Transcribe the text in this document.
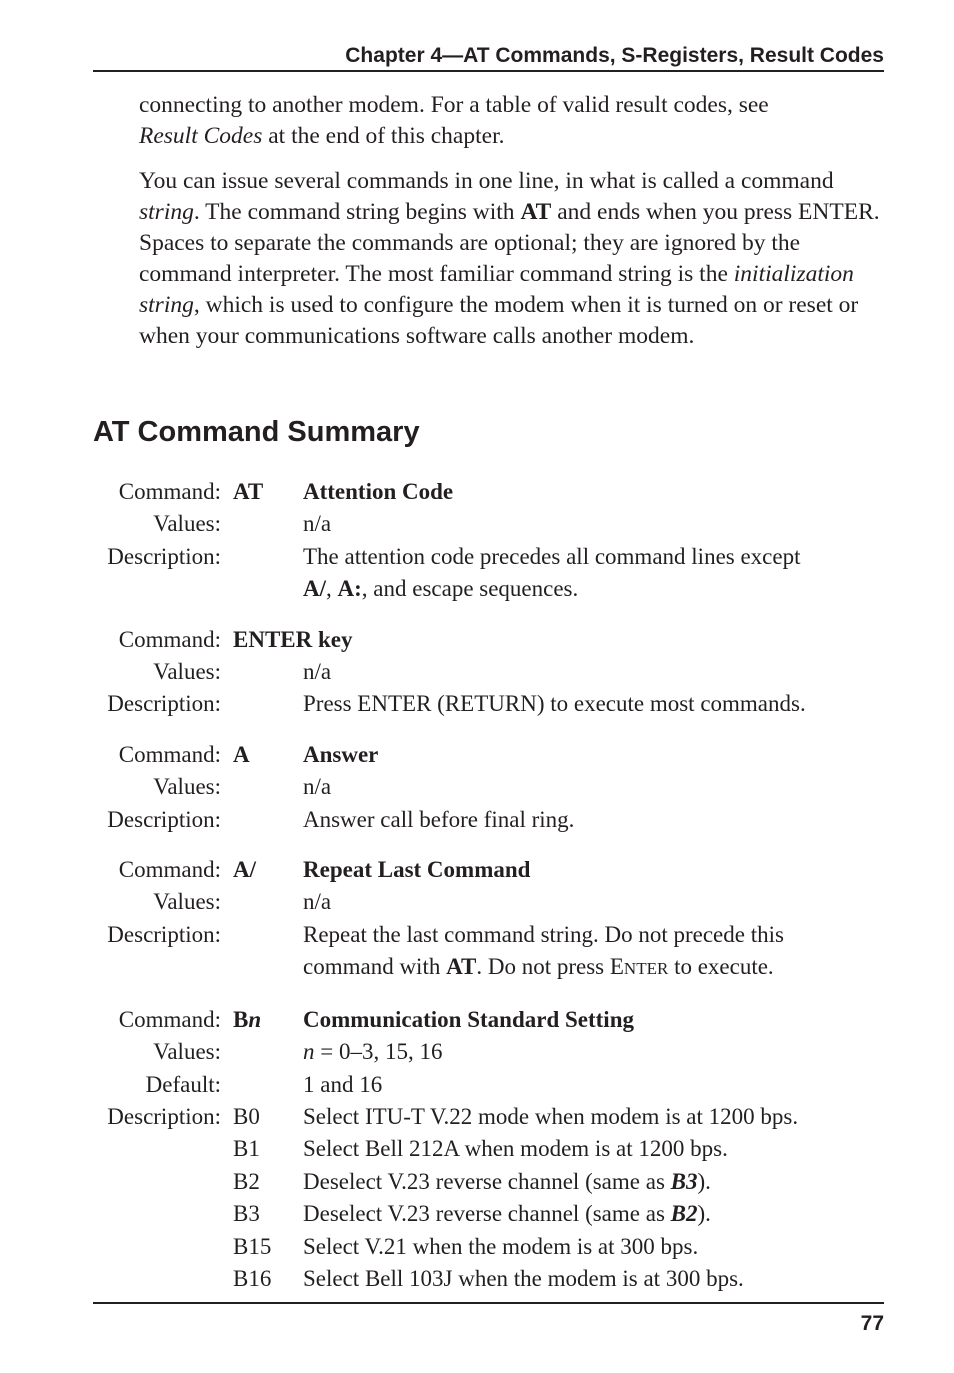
Chapter 4—AT Commands, S-Registers, Result Codes

connecting to another modem. For a table of valid result codes, see
Result Codes at the end of this chapter.

You can issue several commands in one line, in what is called a command string. The command string begins with AT and ends when you press ENTER. Spaces to separate the commands are optional; they are ignored by the command interpreter. The most familiar command string is the initialization string, which is used to configure the modem when it is turned on or reset or when your communications software calls another modem.

AT Command Summary
Command: AT	Attention Code
Values:	n/a
Description:	The attention code precedes all command lines except
A/, A:, and escape sequences.
Command: ENTER key
Values:	n/a
Description:	Press ENTER (RETURN) to execute most commands.
Command: A	Answer
Values:	n/a
Description:	Answer call before final ring.
Command: A/	Repeat Last Command
Values:	n/a
Description:	Repeat the last command string. Do not precede this
command with AT. Do not press ENTER to execute.
Command: Bn	Communication Standard Setting
Values:	n = 0–3, 15, 16
Default:	1 and 16
Description: B0	Select ITU-T V.22 mode when modem is at 1200 bps.
B1	Select Bell 212A when modem is at 1200 bps.
B2	Deselect V.23 reverse channel (same as B3).
B3	Deselect V.23 reverse channel (same as B2).
B15	Select V.21 when the modem is at 300 bps.
B16	Select Bell 103J when the modem is at 300 bps.
77
